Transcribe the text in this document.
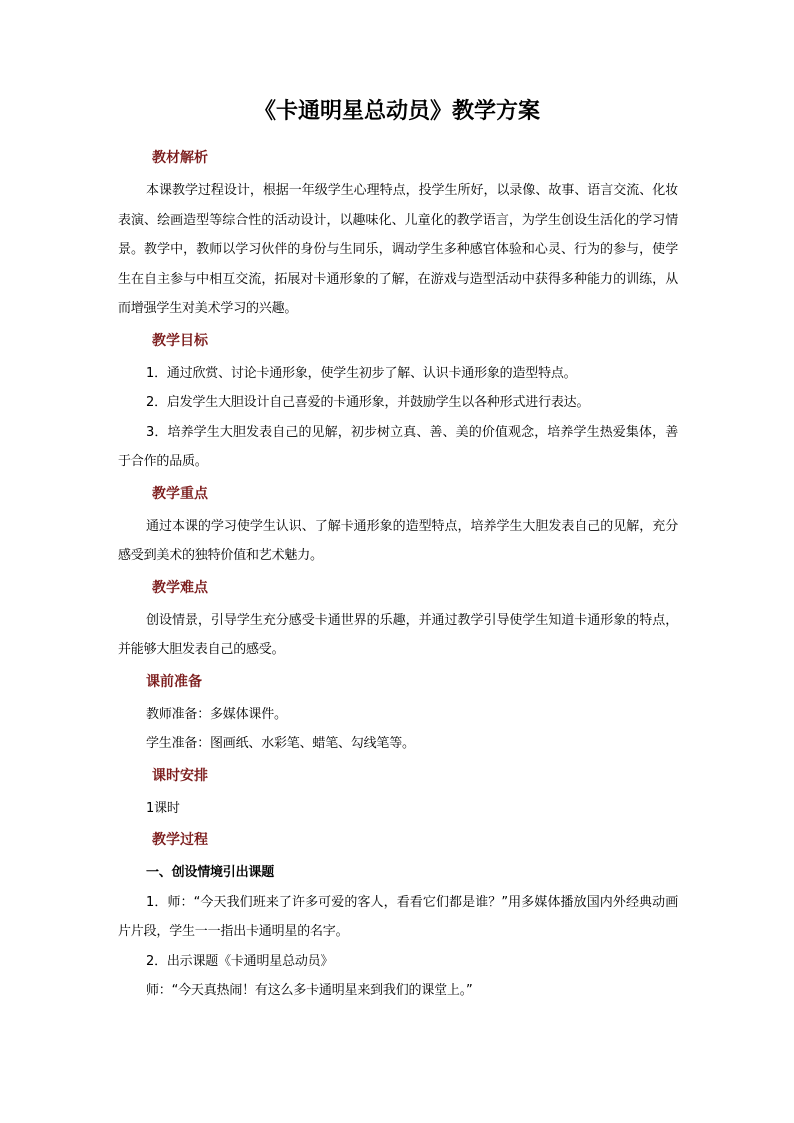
《卡通明星总动员》教学方案
教材解析

本课教学过程设计，根据一年级学生心理特点，投学生所好，以录像、故事、语言交流、化妆表演、绘画造型等综合性的活动设计，以趣味化、儿童化的教学语言，为学生创设生活化的学习情景。教学中，教师以学习伙伴的身份与生同乐，调动学生多种感官体验和心灵、行为的参与，使学生在自主参与中相互交流，拓展对卡通形象的了解，在游戏与造型活动中获得多种能力的训练，从而增强学生对美术学习的兴趣。

教学目标

1．通过欣赏、讨论卡通形象，使学生初步了解、认识卡通形象的造型特点。

2．启发学生大胆设计自己喜爱的卡通形象，并鼓励学生以各种形式进行表达。

3．培养学生大胆发表自己的见解，初步树立真、善、美的价值观念，培养学生热爱集体，善于合作的品质。

教学重点

通过本课的学习使学生认识、了解卡通形象的造型特点，培养学生大胆发表自己的见解，充分感受到美术的独特价值和艺术魅力。

教学难点

创设情景，引导学生充分感受卡通世界的乐趣，并通过教学引导使学生知道卡通形象的特点，并能够大胆发表自己的感受。

课前准备

教师准备：多媒体课件。

学生准备：图画纸、水彩笔、蜡笔、勾线笔等。

课时安排

1课时

教学过程

一、创设情境引出课题

1．师：“今天我们班来了许多可爱的客人，看看它们都是谁？”用多媒体播放国内外经典动画片片段，学生一一指出卡通明星的名字。

2．出示课题《卡通明星总动员》

师：“今天真热闹！有这么多卡通明星来到我们的课堂上。”
